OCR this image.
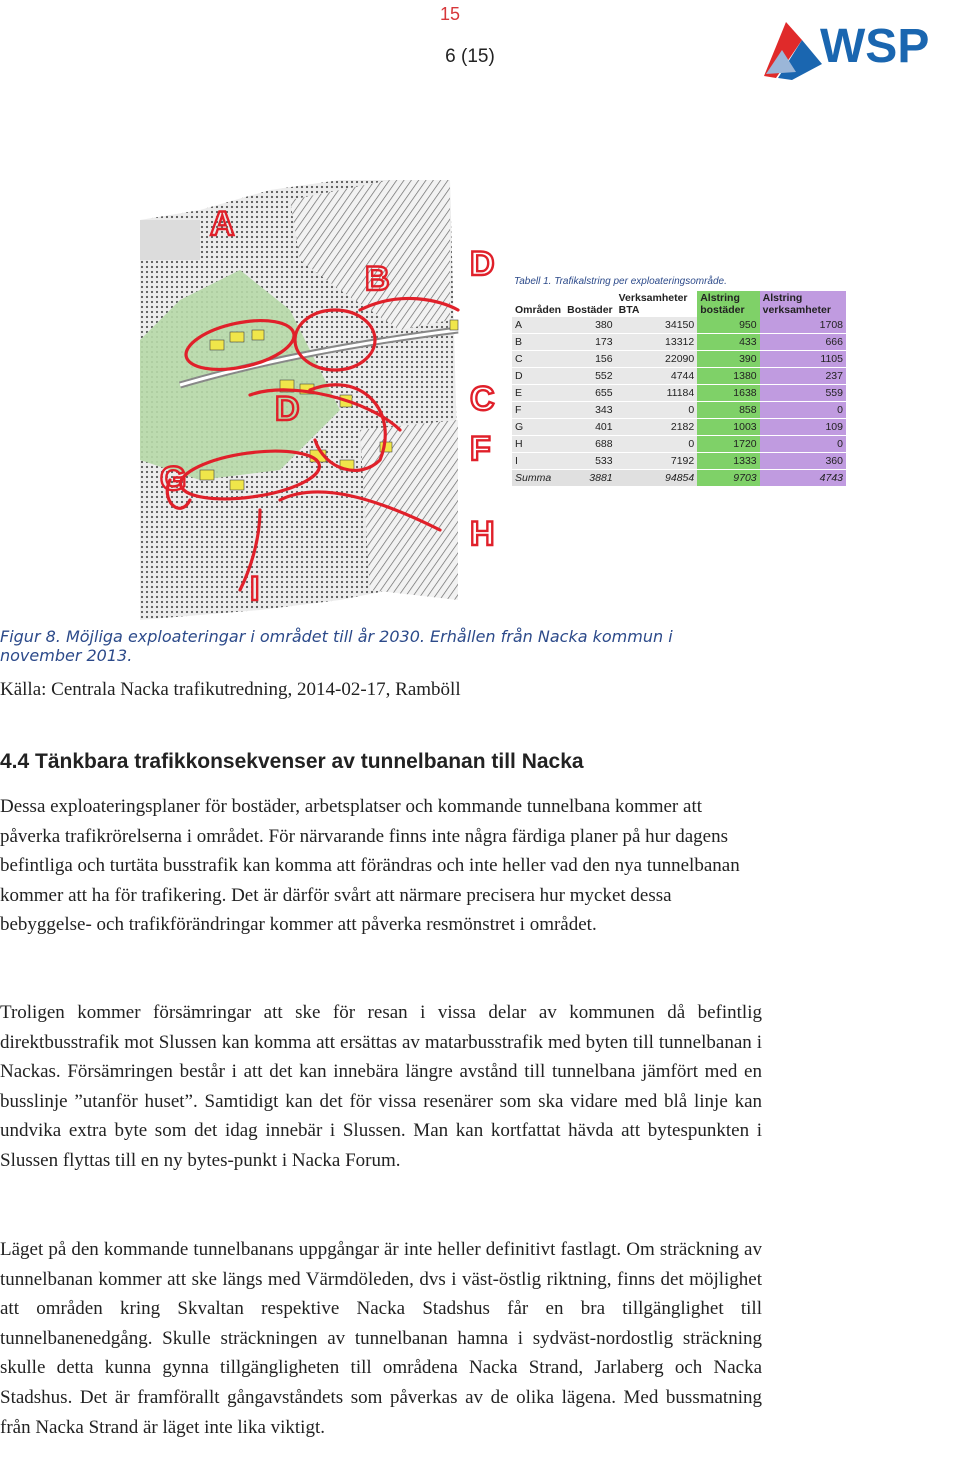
15
6 (15)	WSP
A
B D
D	C
F
G
I
H
Tabell 1. Trafikalstring per exploateringsområde.
Områden	Bostäder	Verksamheter BTA	Alstring bostäder	Alstring verksamheter
A	380	34150	950	1708
B	173	13312	433	666
C	156	22090	390	1105
D	552	4744	1380	237
E	655	11184	1638	559
F	343	0	858	0
G	401	2182	1003	109
H	688	0	1720	0
I	533	7192	1333	360
Summa	3881	94854	9703	4743
Figur 8. Möjliga exploateringar i området till år 2030. Erhållen från Nacka kommun i november 2013.
Källa: Centrala Nacka trafikutredning, 2014-02-17, Ramböll
4.4 Tänkbara trafikkonsekvenser av tunnelbanan till Nacka

Dessa exploateringsplaner för bostäder, arbetsplatser och kommande tunnelbana kommer att påverka trafikrörelserna i området. För närvarande finns inte några färdiga planer på hur dagens befintliga och turtäta busstrafik kan komma att förändras och inte heller vad den nya tunnelbanan kommer att ha för trafikering. Det är därför svårt att närmare precisera hur mycket dessa bebyggelse- och trafikförändringar kommer att påverka resmönstret i området.

Troligen kommer försämringar att ske för resan i vissa delar av kommunen då befintlig direktbusstrafik mot Slussen kan komma att ersättas av matarbusstrafik med byten till tunnelbanan i Nackas. Försämringen består i att det kan innebära längre avstånd till tunnelbana jämfört med en busslinje ”utanför huset”. Samtidigt kan det för vissa resenärer som ska vidare med blå linje kan undvika extra byte som det idag innebär i Slussen. Man kan kortfattat hävda att bytespunkten i Slussen flyttas till en ny bytes-punkt i Nacka Forum.

Läget på den kommande tunnelbanans uppgångar är inte heller definitivt fastlagt. Om sträckning av tunnelbanan kommer att ske längs med Värmdöleden, dvs i väst-östlig riktning, finns det möjlighet att områden kring Skvaltan respektive Nacka Stadshus får en bra tillgänglighet till tunnelbanenedgång. Skulle sträckningen av tunnelbanan hamna i sydväst-nordostlig sträckning skulle detta kunna gynna tillgängligheten till områdena Nacka Strand, Jarlaberg och Nacka Stadshus. Det är framförallt gångavståndets som påverkas av de olika lägena. Med bussmatning från Nacka Strand är läget inte lika viktigt.
